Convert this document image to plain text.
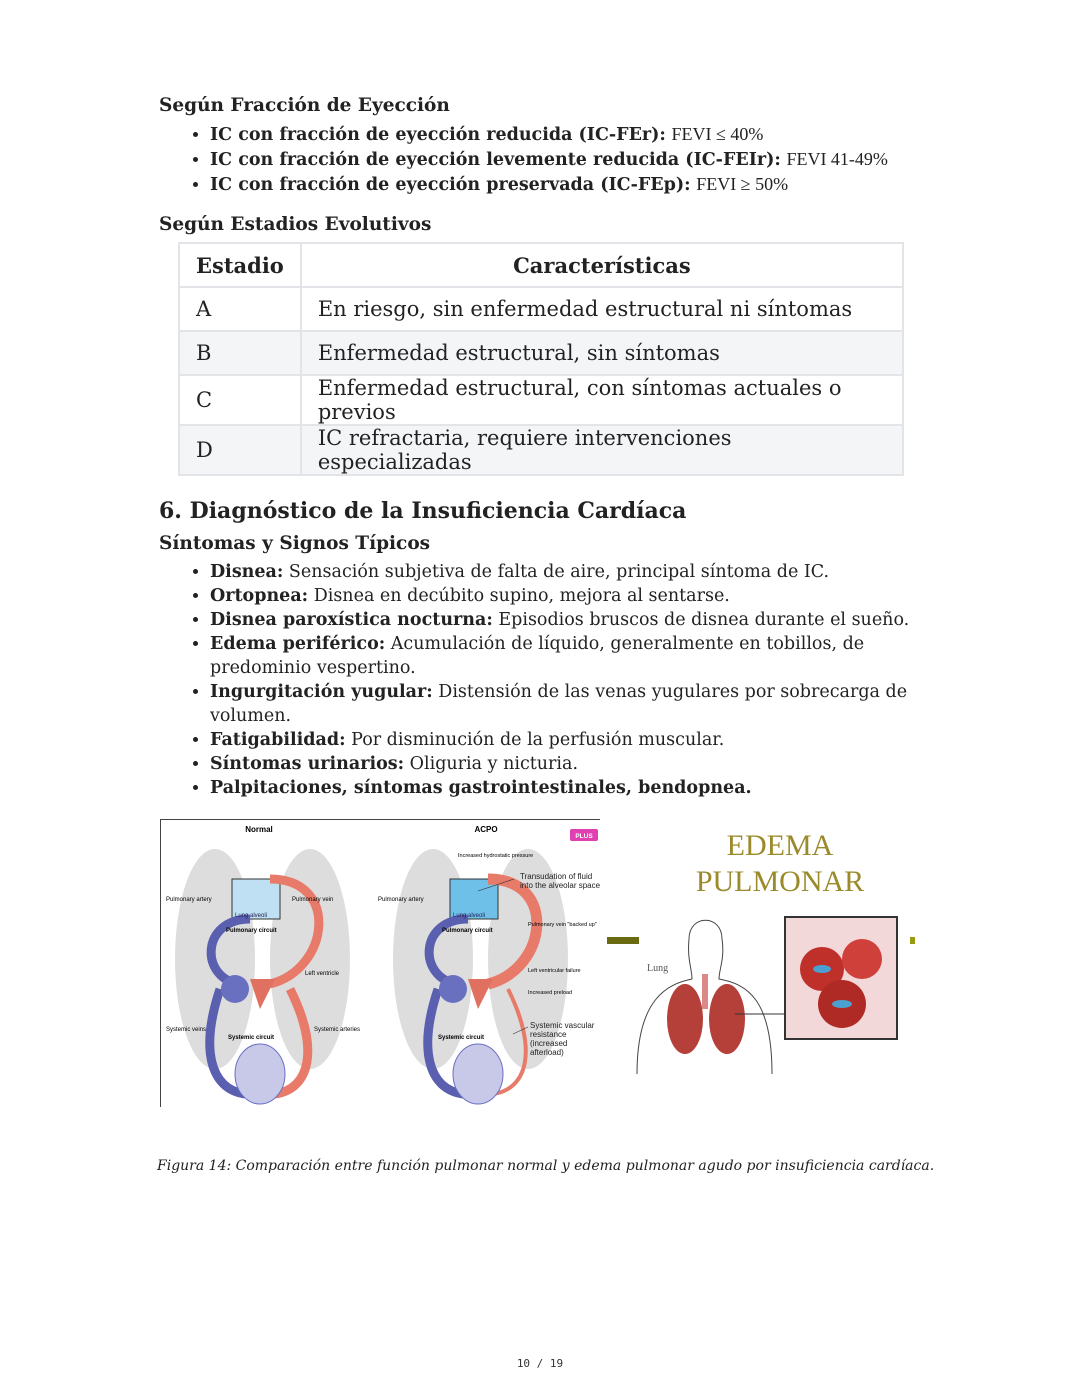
Según Fracción de Eyección
• IC con fracción de eyección reducida (IC-FEr): FEVI ≤ 40%
• IC con fracción de eyección levemente reducida (IC-FEIr): FEVI 41-49%
• IC con fracción de eyección preservada (IC-FEp): FEVI ≥ 50%
Según Estadios Evolutivos
Estadio	Características
A	En riesgo, sin enfermedad estructural ni síntomas
B	Enfermedad estructural, sin síntomas
C	Enfermedad estructural, con síntomas actuales o previos
D	IC refractaria, requiere intervenciones especializadas
6. Diagnóstico de la Insuficiencia Cardíaca
Síntomas y Signos Típicos
• Disnea: Sensación subjetiva de falta de aire, principal síntoma de IC.
• Ortopnea: Disnea en decúbito supino, mejora al sentarse.
• Disnea paroxística nocturna: Episodios bruscos de disnea durante el sueño.
• Edema periférico: Acumulación de líquido, generalmente en tobillos, de predominio vespertino.
• Ingurgitación yugular: Distensión de las venas yugulares por sobrecarga de volumen.
• Fatigabilidad: Por disminución de la perfusión muscular.
• Síntomas urinarios: Oliguria y nicturia.
• Palpitaciones, síntomas gastrointestinales, bendopnea.
Normal
Pulmonary artery	Pulmonary vein
Lung alveoli
Pulmonary circuit
Left ventricle
Systemic veins
Systemic circuit
Systemic arteries
ACPO
PLUS
Increased hydrostatic pressure
Pulmonary artery
Lung alveoli
Pulmonary circuit
Pulmonary vein "backed up"
Left ventricular failure
Increased preload
Systemic circuit
Transudation of fluid into the alveolar space
Systemic vascular resistance (increased afterload)
EDEMA
PULMONAR
Lung
Figura 14: Comparación entre función pulmonar normal y edema pulmonar agudo por insuficiencia cardíaca.
10 / 19
